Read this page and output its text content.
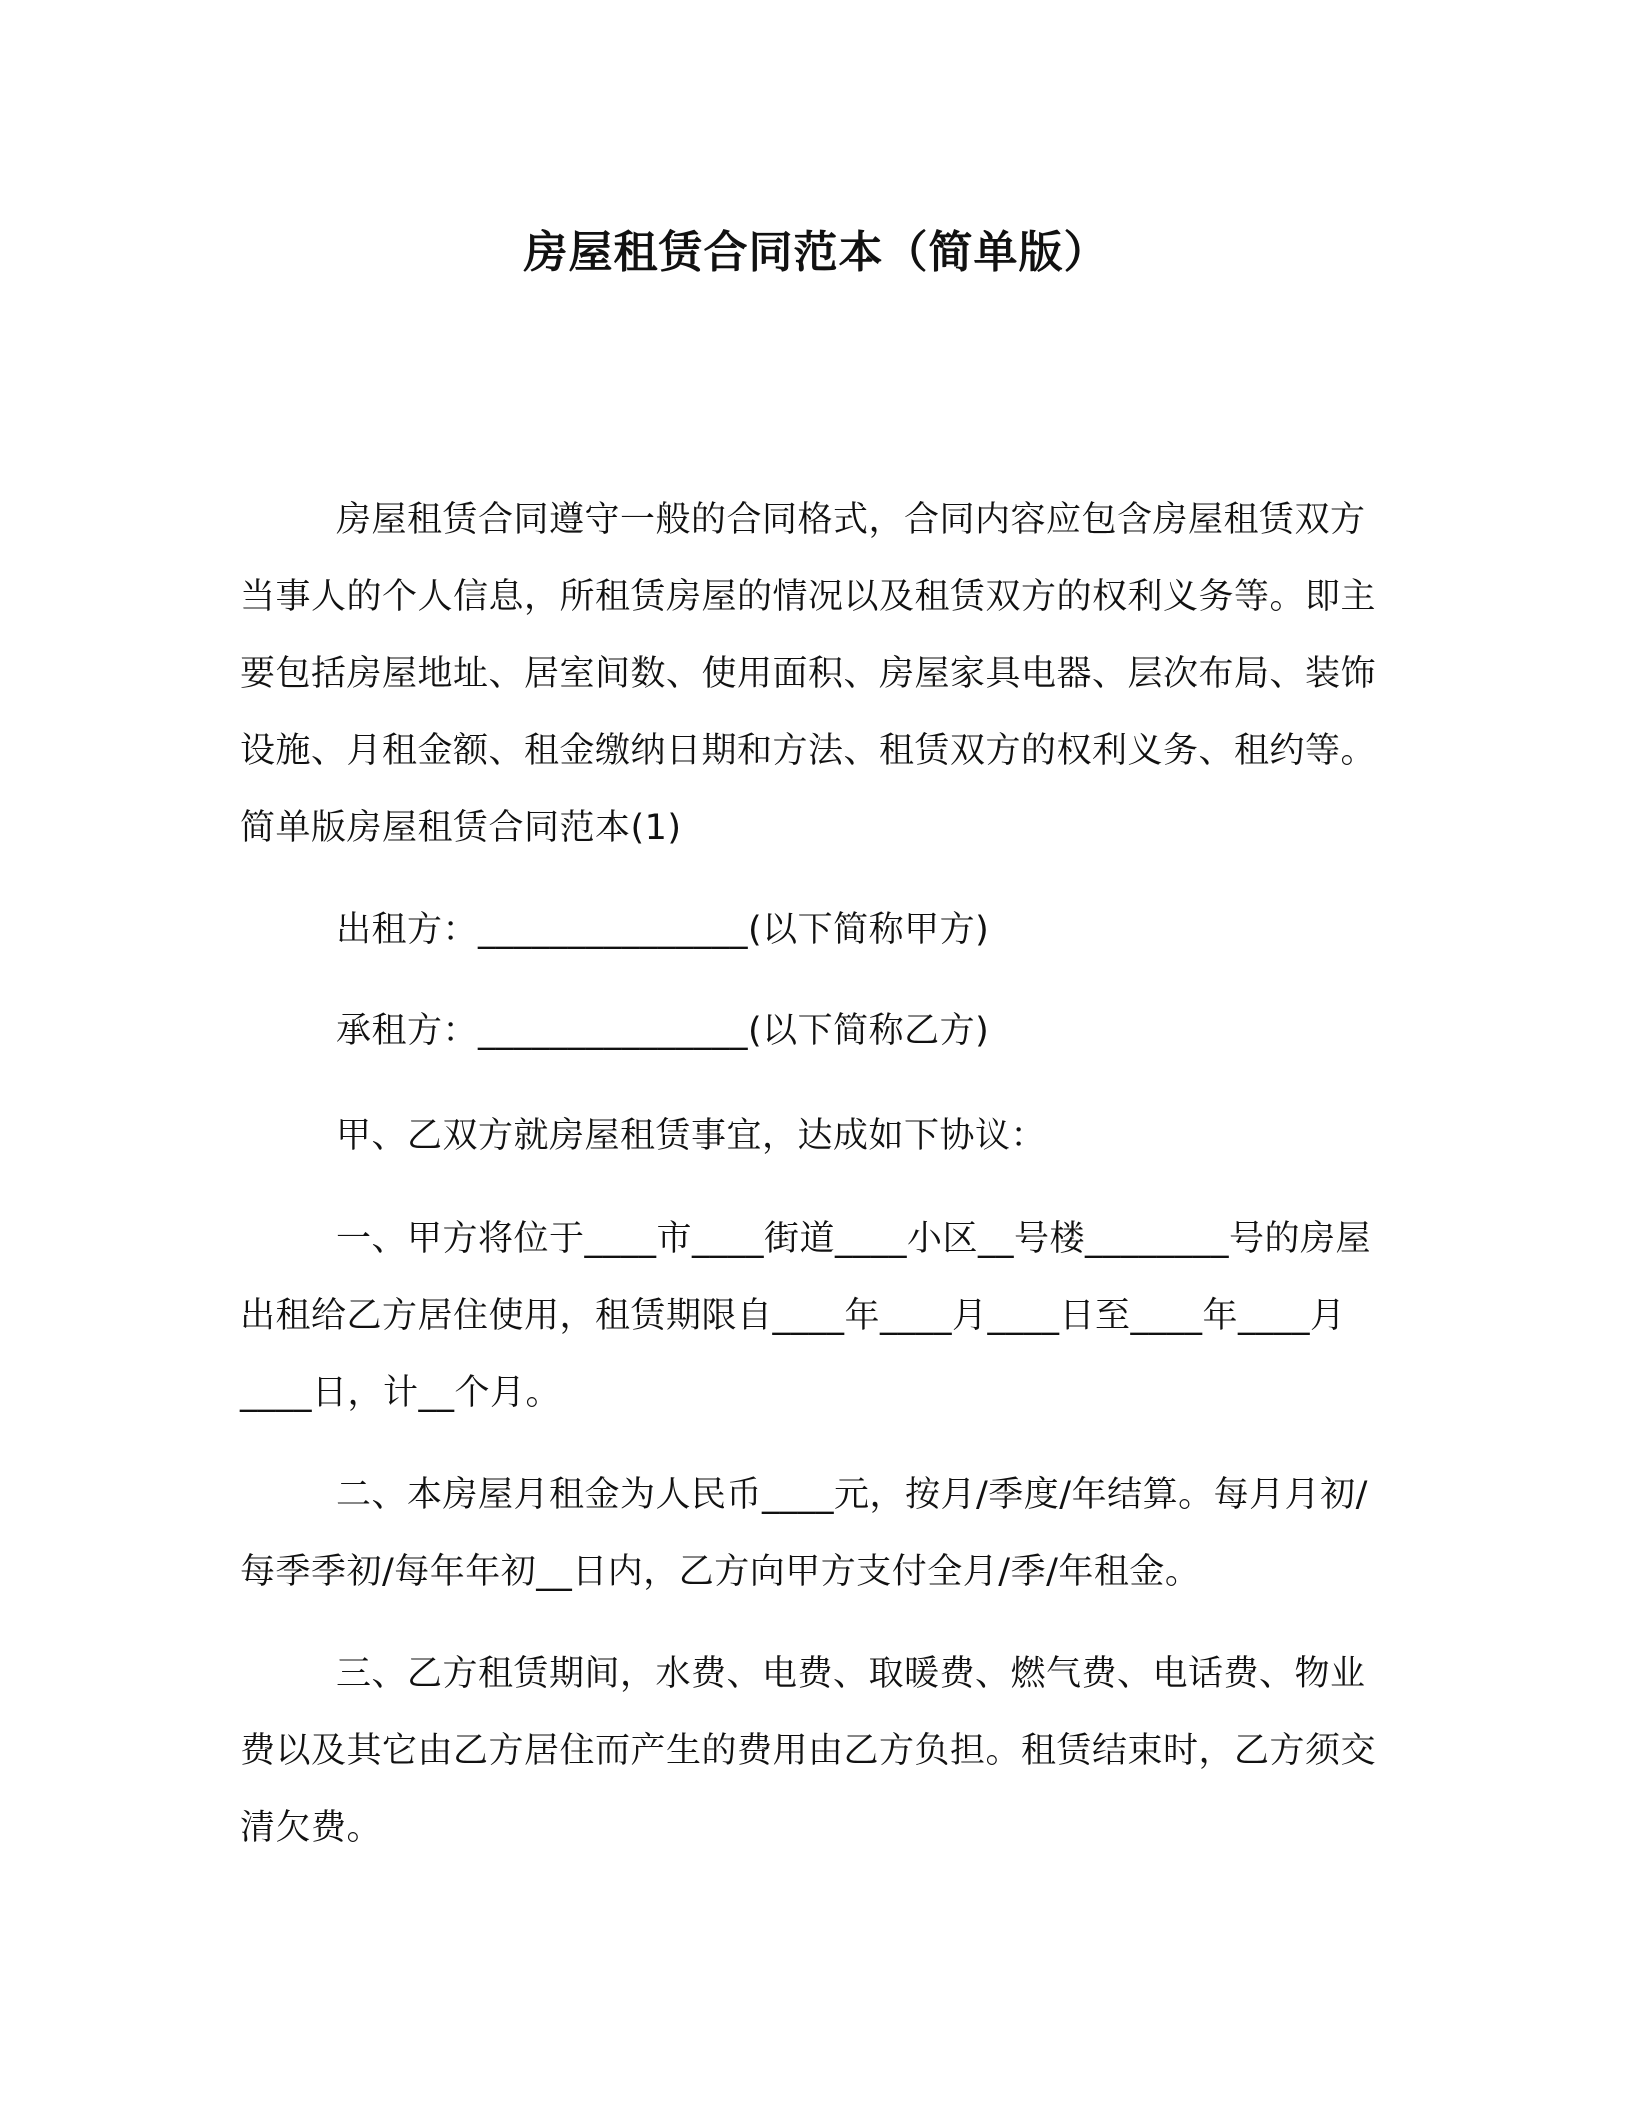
房屋租赁合同范本（简单版）

房屋租赁合同遵守一般的合同格式，合同内容应包含房屋租赁双方当事人的个人信息，所租赁房屋的情况以及租赁双方的权利义务等。即主要包括房屋地址、居室间数、使用面积、房屋家具电器、层次布局、装饰设施、月租金额、租金缴纳日期和方法、租赁双方的权利义务、租约等。简单版房屋租赁合同范本(1)

出租方：_______________(以下简称甲方)

承租方：_______________(以下简称乙方)

甲、乙双方就房屋租赁事宜，达成如下协议：

一、甲方将位于____市____街道____小区__号楼________号的房屋出租给乙方居住使用，租赁期限自____年____月____日至____年____月____日，计__个月。

二、本房屋月租金为人民币____元，按月/季度/年结算。每月月初/每季季初/每年年初__日内，乙方向甲方支付全月/季/年租金。

三、乙方租赁期间，水费、电费、取暖费、燃气费、电话费、物业费以及其它由乙方居住而产生的费用由乙方负担。租赁结束时，乙方须交清欠费。
